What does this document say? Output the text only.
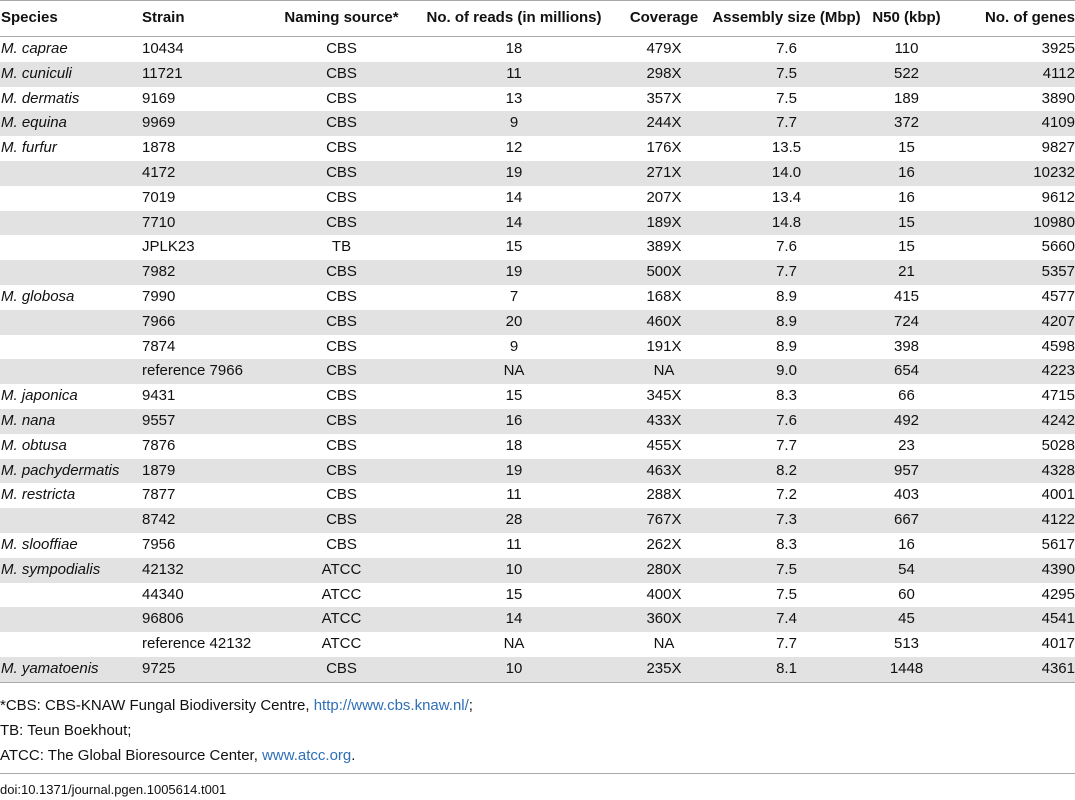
Species	Strain	Naming source*	No. of reads (in millions)	Coverage	Assembly size (Mbp)	N50 (kbp)	No. of genes
M. caprae	10434	CBS	18	479X	7.6	110	3925
M. cuniculi	11721	CBS	11	298X	7.5	522	4112
M. dermatis	9169	CBS	13	357X	7.5	189	3890
M. equina	9969	CBS	9	244X	7.7	372	4109
M. furfur	1878	CBS	12	176X	13.5	15	9827
	4172	CBS	19	271X	14.0	16	10232
	7019	CBS	14	207X	13.4	16	9612
	7710	CBS	14	189X	14.8	15	10980
	JPLK23	TB	15	389X	7.6	15	5660
	7982	CBS	19	500X	7.7	21	5357
M. globosa	7990	CBS	7	168X	8.9	415	4577
	7966	CBS	20	460X	8.9	724	4207
	7874	CBS	9	191X	8.9	398	4598
	reference 7966	CBS	NA	NA	9.0	654	4223
M. japonica	9431	CBS	15	345X	8.3	66	4715
M. nana	9557	CBS	16	433X	7.6	492	4242
M. obtusa	7876	CBS	18	455X	7.7	23	5028
M. pachydermatis	1879	CBS	19	463X	8.2	957	4328
M. restricta	7877	CBS	11	288X	7.2	403	4001
	8742	CBS	28	767X	7.3	667	4122
M. slooffiae	7956	CBS	11	262X	8.3	16	5617
M. sympodialis	42132	ATCC	10	280X	7.5	54	4390
	44340	ATCC	15	400X	7.5	60	4295
	96806	ATCC	14	360X	7.4	45	4541
	reference 42132	ATCC	NA	NA	7.7	513	4017
M. yamatoenis	9725	CBS	10	235X	8.1	1448	4361
*CBS: CBS-KNAW Fungal Biodiversity Centre, http://www.cbs.knaw.nl/;
TB: Teun Boekhout;
ATCC: The Global Bioresource Center, www.atcc.org.
doi:10.1371/journal.pgen.1005614.t001
